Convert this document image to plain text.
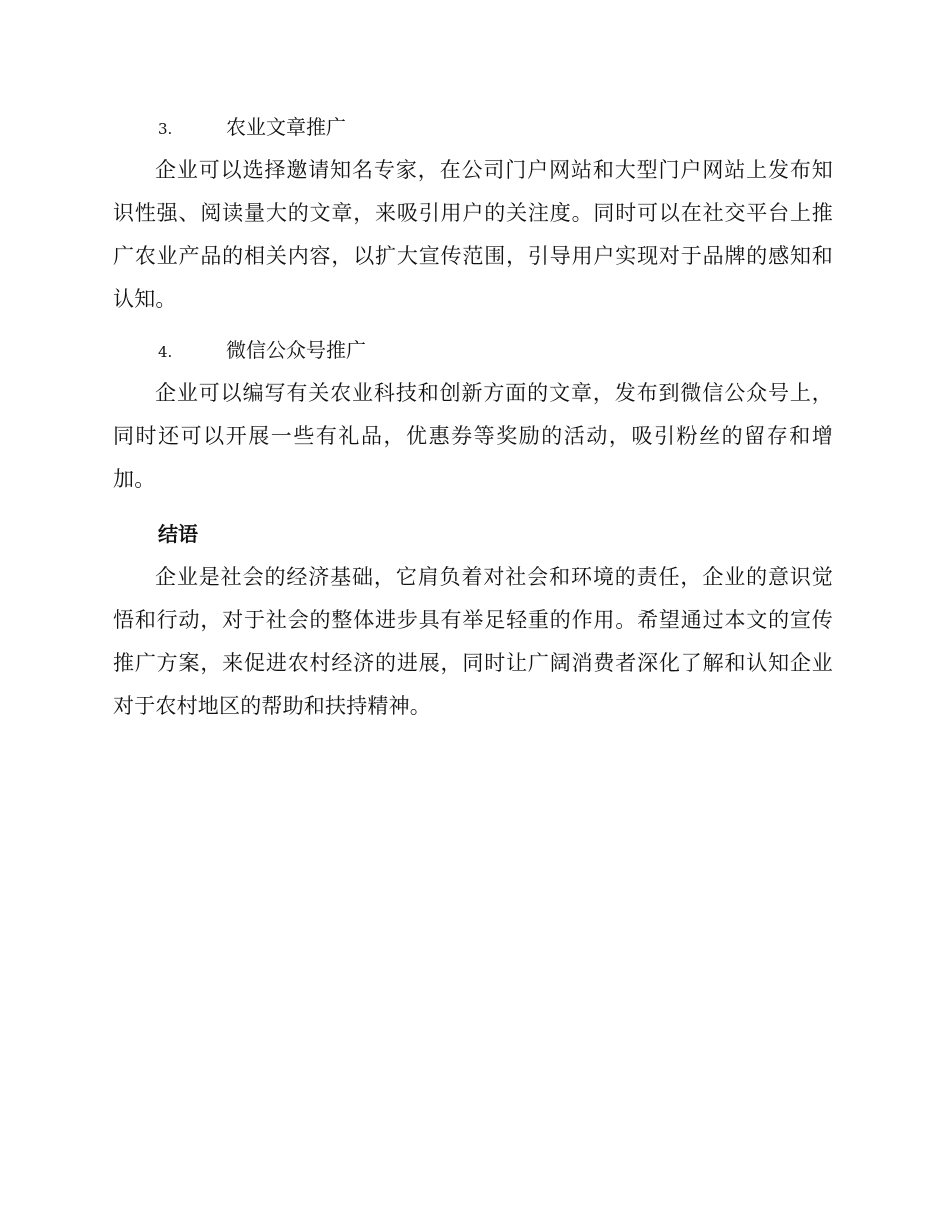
3.	农业文章推广
企业可以选择邀请知名专家，在公司门户网站和大型门户网站上发布知识性强、阅读量大的文章，来吸引用户的关注度。同时可以在社交平台上推广农业产品的相关内容，以扩大宣传范围，引导用户实现对于品牌的感知和认知。
4.	微信公众号推广
企业可以编写有关农业科技和创新方面的文章，发布到微信公众号上，同时还可以开展一些有礼品，优惠券等奖励的活动，吸引粉丝的留存和增加。
结语
企业是社会的经济基础，它肩负着对社会和环境的责任，企业的意识觉悟和行动，对于社会的整体进步具有举足轻重的作用。希望通过本文的宣传推广方案，来促进农村经济的进展，同时让广阔消费者深化了解和认知企业对于农村地区的帮助和扶持精神。
